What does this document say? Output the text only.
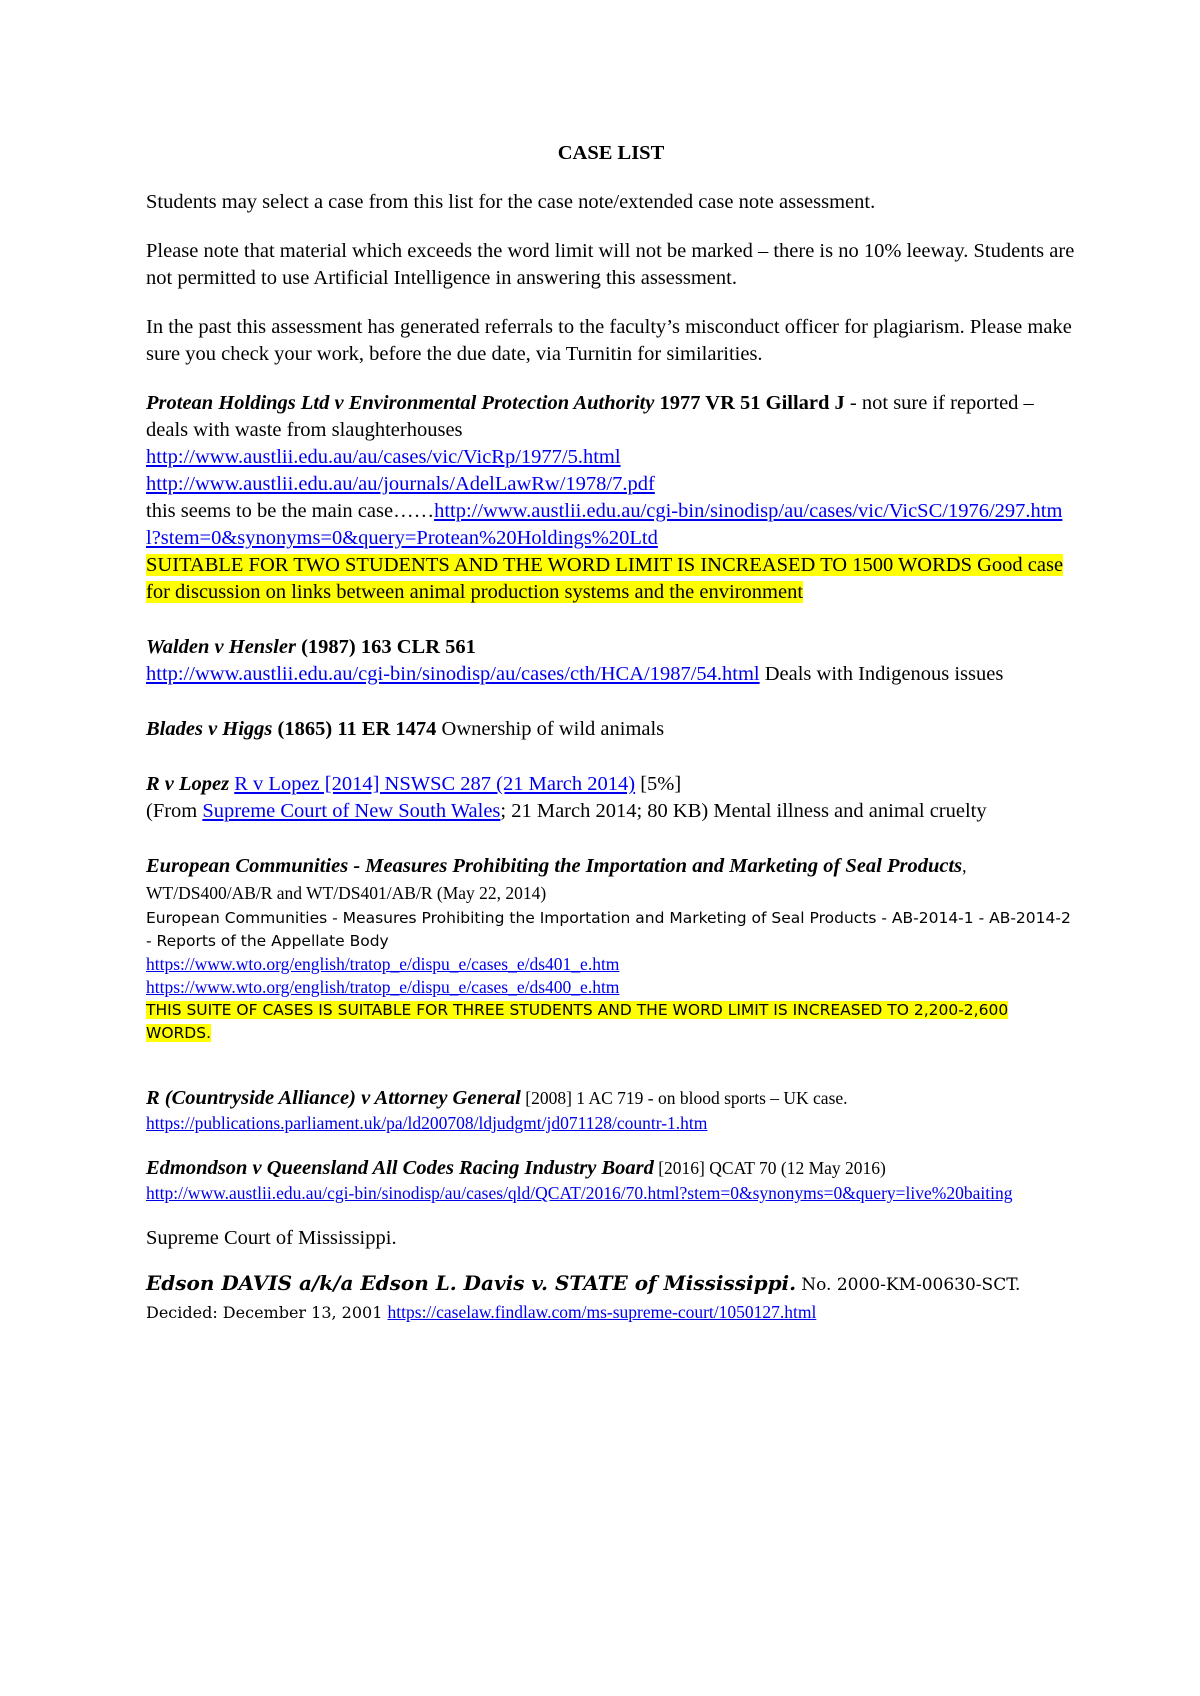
CASE LIST

Students may select a case from this list for the case note/extended case note assessment.

Please note that material which exceeds the word limit will not be marked – there is no 10% leeway. Students are not permitted to use Artificial Intelligence in answering this assessment.

In the past this assessment has generated referrals to the faculty’s misconduct officer for plagiarism. Please make sure you check your work, before the due date, via Turnitin for similarities.

Protean Holdings Ltd v Environmental Protection Authority 1977 VR 51 Gillard J - not sure if reported – deals with waste from slaughterhouses
http://www.austlii.edu.au/au/cases/vic/VicRp/1977/5.html
http://www.austlii.edu.au/au/journals/AdelLawRw/1978/7.pdf
this seems to be the main case……http://www.austlii.edu.au/cgi-bin/sinodisp/au/cases/vic/VicSC/1976/297.html?stem=0&synonyms=0&query=Protean%20Holdings%20Ltd
SUITABLE FOR TWO STUDENTS AND THE WORD LIMIT IS INCREASED TO 1500 WORDS Good case for discussion on links between animal production systems and the environment
Walden v Hensler (1987) 163 CLR 561
http://www.austlii.edu.au/cgi-bin/sinodisp/au/cases/cth/HCA/1987/54.html Deals with Indigenous issues
Blades v Higgs (1865) 11 ER 1474 Ownership of wild animals
R v Lopez R v Lopez [2014] NSWSC 287 (21 March 2014) [5%]
(From Supreme Court of New South Wales; 21 March 2014; 80 KB) Mental illness and animal cruelty
European Communities - Measures Prohibiting the Importation and Marketing of Seal Products, WT/DS400/AB/R and WT/DS401/AB/R (May 22, 2014)
European Communities - Measures Prohibiting the Importation and Marketing of Seal Products - AB-2014-1 - AB-2014-2 - Reports of the Appellate Body
https://www.wto.org/english/tratop_e/dispu_e/cases_e/ds401_e.htm
https://www.wto.org/english/tratop_e/dispu_e/cases_e/ds400_e.htm
THIS SUITE OF CASES IS SUITABLE FOR THREE STUDENTS AND THE WORD LIMIT IS INCREASED TO 2,200-2,600 WORDS.
R (Countryside Alliance) v Attorney General [2008] 1 AC 719 - on blood sports – UK case.
https://publications.parliament.uk/pa/ld200708/ldjudgmt/jd071128/countr-1.htm
Edmondson v Queensland All Codes Racing Industry Board [2016] QCAT 70 (12 May 2016)
http://www.austlii.edu.au/cgi-bin/sinodisp/au/cases/qld/QCAT/2016/70.html?stem=0&synonyms=0&query=live%20baiting

Supreme Court of Mississippi.

Edson DAVIS a/k/a Edson L. Davis v. STATE of Mississippi. No. 2000-KM-00630-SCT.
Decided: December 13, 2001 https://caselaw.findlaw.com/ms-supreme-court/1050127.html
